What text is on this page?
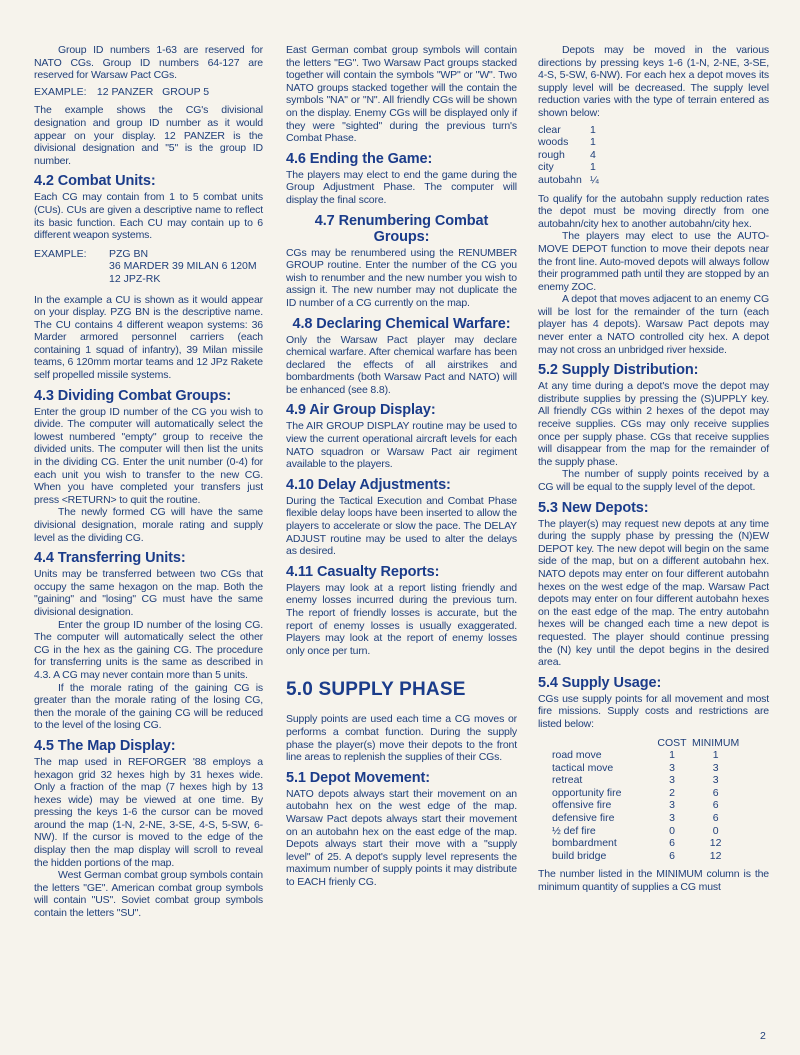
Group ID numbers 1-63 are reserved for NATO CGs. Group ID numbers 64-127 are reserved for Warsaw Pact CGs.

EXAMPLE: 12 PANZER   GROUP 5

The example shows the CG's divisional designation and group ID number as it would appear on your display. 12 PANZER is the divisional designation and "5" is the group ID number.

4.2 Combat Units:

Each CG may contain from 1 to 5 combat units (CUs). CUs are given a descriptive name to reflect its basic function. Each CU may contain up to 6 different weapon systems.

EXAMPLE: PZG BN
36 MARDER 39 MILAN 6 120M
12 JPZ-RK

In the example a CU is shown as it would appear on your display. PZG BN is the descriptive name. The CU contains 4 different weapon systems: 36 Marder armored personnel carriers (each containing 1 squad of infantry), 39 Milan missile teams, 6 120mm mortar teams and 12 JPz Rakete self propelled missile systems.

4.3 Dividing Combat Groups:

Enter the group ID number of the CG you wish to divide. The computer will automatically select the lowest numbered "empty" group to receive the divided units. The computer will then list the units in the dividing CG. Enter the unit number (0-4) for each unit you wish to transfer to the new CG. When you have completed your transfers just press <RETURN> to quit the routine.

The newly formed CG will have the same divisional designation, morale rating and supply level as the dividing CG.

4.4 Transferring Units:

Units may be transferred between two CGs that occupy the same hexagon on the map. Both the "gaining" and "losing" CG must have the same divisional designation.

Enter the group ID number of the losing CG. The computer will automatically select the other CG in the hex as the gaining CG. The procedure for transferring units is the same as described in 4.3. A CG may never contain more than 5 units.

If the morale rating of the gaining CG is greater than the morale rating of the losing CG, then the morale of the gaining CG will be reduced to the level of the losing CG.

4.5 The Map Display:

The map used in REFORGER '88 employs a hexagon grid 32 hexes high by 31 hexes wide. Only a fraction of the map (7 hexes high by 13 hexes wide) may be viewed at one time. By pressing the keys 1-6 the cursor can be moved around the map (1-N, 2-NE, 3-SE, 4-S, 5-SW, 6-NW). If the cursor is moved to the edge of the display then the map display will scroll to reveal the hidden portions of the map.

West German combat group symbols contain the letters "GE". American combat group symbols will contain "US". Soviet combat group symbols contain the letters "SU".

East German combat group symbols will contain the letters "EG". Two Warsaw Pact groups stacked together will contain the symbols "WP" or "W". Two NATO groups stacked together will the contain the symbols "NA" or "N". All friendly CGs will be shown on the display. Enemy CGs will be displayed only if they were "sighted" during the previous turn's Combat Phase.

4.6 Ending the Game:

The players may elect to end the game during the Group Adjustment Phase. The computer will display the final score.

4.7 Renumbering Combat Groups:

CGs may be renumbered using the RENUMBER GROUP routine. Enter the number of the CG you wish to renumber and the new number you wish to assign it. The new number may not duplicate the ID number of a CG currently on the map.

4.8 Declaring Chemical Warfare:

Only the Warsaw Pact player may declare chemical warfare. After chemical warfare has been declared the effects of all airstrikes and bombardments (both Warsaw Pact and NATO) will be enhanced (see 8.8).

4.9 Air Group Display:

The AIR GROUP DISPLAY routine may be used to view the current operational aircraft levels for each NATO squadron or Warsaw Pact air regiment available to the players.

4.10 Delay Adjustments:

During the Tactical Execution and Combat Phase flexible delay loops have been inserted to allow the players to accelerate or slow the pace. The DELAY ADJUST routine may be used to alter the delays as desired.

4.11 Casualty Reports:

Players may look at a report listing friendly and enemy losses incurred during the previous turn. The report of friendly losses is accurate, but the report of enemy losses is usually exaggerated. Players may look at the report of enemy losses only once per turn.

5.0 SUPPLY PHASE

Supply points are used each time a CG moves or performs a combat function. During the supply phase the player(s) move their depots to the front line areas to replenish the supplies of their CGs.

5.1 Depot Movement:

NATO depots always start their movement on an autobahn hex on the west edge of the map. Warsaw Pact depots always start their movement on an autobahn hex on the east edge of the map. Depots always start their move with a "supply level" of 25. A depot's supply level represents the maximum number of supply points it may distribute to EACH frienly CG.

Depots may be moved in the various directions by pressing keys 1-6 (1-N, 2-NE, 3-SE, 4-S, 5-SW, 6-NW). For each hex a depot moves its supply level will be decreased. The supply level reduction varies with the type of terrain entered as shown below:

clear	1
woods	1
rough	4
city	1
autobahn	¼

To qualify for the autobahn supply reduction rates the depot must be moving directly from one autobahn/city hex to another autobahn/city hex.

The players may elect to use the AUTO-MOVE DEPOT function to move their depots near the front line. Auto-moved depots will always follow their programmed path until they are stopped by an enemy ZOC.

A depot that moves adjacent to an enemy CG will be lost for the remainder of the turn (each player has 4 depots). Warsaw Pact depots may never enter a NATO controlled city hex. A depot may not cross an unbridged river hexside.

5.2 Supply Distribution:

At any time during a depot's move the depot may distribute supplies by pressing the (S)UPPLY key. All friendly CGs within 2 hexes of the depot may receive supplies. CGs may only receive supplies once per supply phase. CGs that receive supplies will disappear from the map for the remainder of the supply phase.

The number of supply points received by a CG will be equal to the supply level of the depot.

5.3 New Depots:

The player(s) may request new depots at any time during the supply phase by pressing the (N)EW DEPOT key. The new depot will begin on the same side of the map, but on a different autobahn hex. NATO depots may enter on four different autobahn hexes on the west edge of the map. Warsaw Pact depots may enter on four different autobahn hexes on the east edge of the map. The entry autobahn hexes will be changed each time a new depot is requested. The player should continue pressing the (N) key until the depot begins in the desired area.

5.4 Supply Usage:

CGs use supply points for all movement and most fire missions. Supply costs and restrictions are listed below:

	COST	MINIMUM
road move	1	1
tactical move	3	3
retreat	3	3
opportunity fire	2	6
offensive fire	3	6
defensive fire	3	6
½ def fire	0	0
bombardment	6	12
build bridge	6	12

The number listed in the MINIMUM column is the minimum quantity of supplies a CG must

2
